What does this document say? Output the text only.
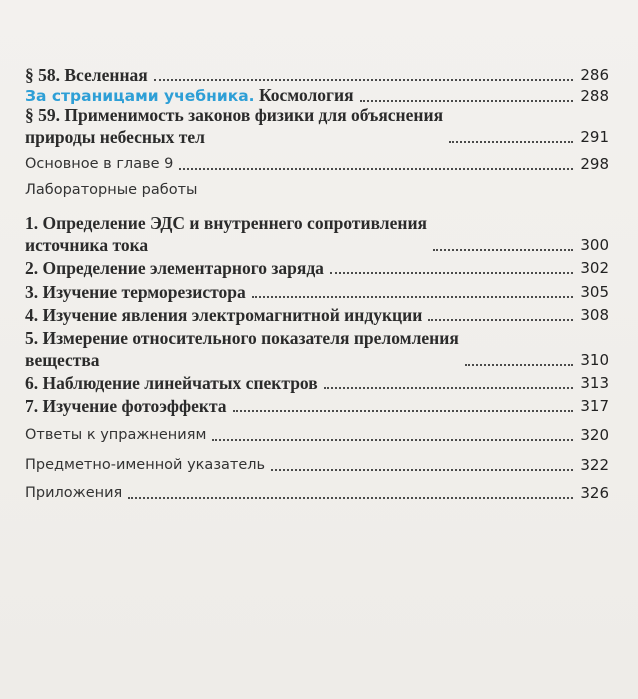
§ 58. Вселенная	286
За страницами учебника. Космология	288
§ 59. Применимость законов физики для объяснения
природы небесных тел	291
Основное в главе 9	298
Лабораторные работы
1. Определение ЭДС и внутреннего сопротивления
источника тока	300
2. Определение элементарного заряда	302
3. Изучение терморезистора	305
4. Изучение явления электромагнитной индукции	308
5. Измерение относительного показателя преломления
вещества	310
6. Наблюдение линейчатых спектров	313
7. Изучение фотоэффекта	317
Ответы к упражнениям	320
Предметно-именной указатель	322
Приложения	326
